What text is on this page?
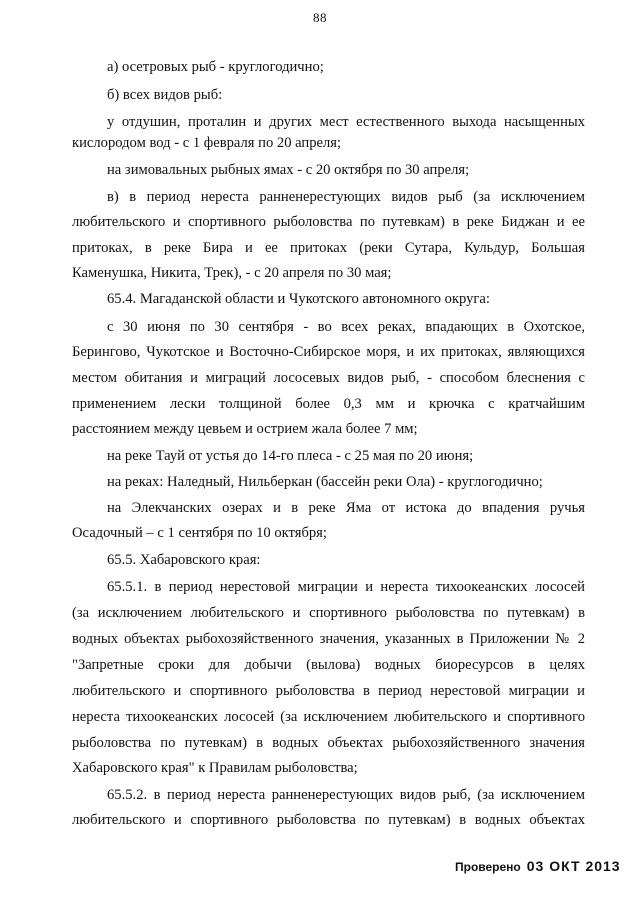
88

а) осетровых рыб - круглогодично;

б) всех видов рыб:

у отдушин, проталин и других мест естественного выхода насыщенных

кислородом вод - с 1 февраля по 20 апреля;

на зимовальных рыбных ямах - с 20 октября по 30 апреля;

в) в период нереста ранненерестующих видов рыб (за исключением

любительского и спортивного рыболовства по путевкам) в реке Биджан и ее

притоках, в реке Бира и ее притоках (реки Сутара, Кульдур, Большая

Каменушка, Никита, Трек), - с 20 апреля по 30 мая;

65.4. Магаданской области и Чукотского автономного округа:

с 30 июня по 30 сентября - во всех реках, впадающих в Охотское,

Берингово, Чукотское и Восточно-Сибирское моря, и их притоках, являющихся

местом обитания и миграций лососевых видов рыб, - способом блеснения с

применением лески толщиной более 0,3 мм и крючка с кратчайшим

расстоянием между цевьем и острием жала более 7 мм;

на реке Тауй от устья до 14-го плеса - с 25 мая по 20 июня;

на реках: Наледный, Нильберкан (бассейн реки Ола) - круглогодично;

на Элекчанских озерах и в реке Яма от истока до впадения ручья

Осадочный – с 1 сентября по 10 октября;

65.5. Хабаровского края:

65.5.1. в период нерестовой миграции и нереста тихоокеанских лососей

(за исключением любительского и спортивного рыболовства по путевкам) в

водных объектах рыбохозяйственного значения, указанных в Приложении № 2

"Запретные сроки для добычи (вылова) водных биоресурсов в целях

любительского и спортивного рыболовства в период нерестовой миграции и

нереста тихоокеанских лососей (за исключением любительского и спортивного

рыболовства по путевкам) в водных объектах рыбохозяйственного значения

Хабаровского края" к Правилам рыболовства;

65.5.2. в период нереста ранненерестующих видов рыб, (за исключением

любительского и спортивного рыболовства по путевкам) в водных объектах

Проверено 03 ОКТ 2013
